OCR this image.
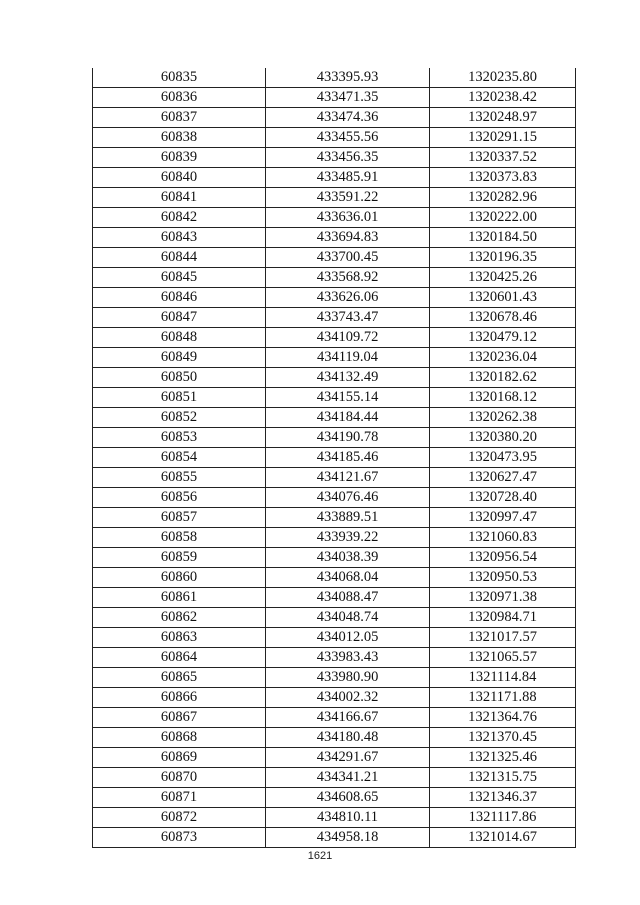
60835	433395.93	1320235.80
60836	433471.35	1320238.42
60837	433474.36	1320248.97
60838	433455.56	1320291.15
60839	433456.35	1320337.52
60840	433485.91	1320373.83
60841	433591.22	1320282.96
60842	433636.01	1320222.00
60843	433694.83	1320184.50
60844	433700.45	1320196.35
60845	433568.92	1320425.26
60846	433626.06	1320601.43
60847	433743.47	1320678.46
60848	434109.72	1320479.12
60849	434119.04	1320236.04
60850	434132.49	1320182.62
60851	434155.14	1320168.12
60852	434184.44	1320262.38
60853	434190.78	1320380.20
60854	434185.46	1320473.95
60855	434121.67	1320627.47
60856	434076.46	1320728.40
60857	433889.51	1320997.47
60858	433939.22	1321060.83
60859	434038.39	1320956.54
60860	434068.04	1320950.53
60861	434088.47	1320971.38
60862	434048.74	1320984.71
60863	434012.05	1321017.57
60864	433983.43	1321065.57
60865	433980.90	1321114.84
60866	434002.32	1321171.88
60867	434166.67	1321364.76
60868	434180.48	1321370.45
60869	434291.67	1321325.46
60870	434341.21	1321315.75
60871	434608.65	1321346.37
60872	434810.11	1321117.86
60873	434958.18	1321014.67
1621
